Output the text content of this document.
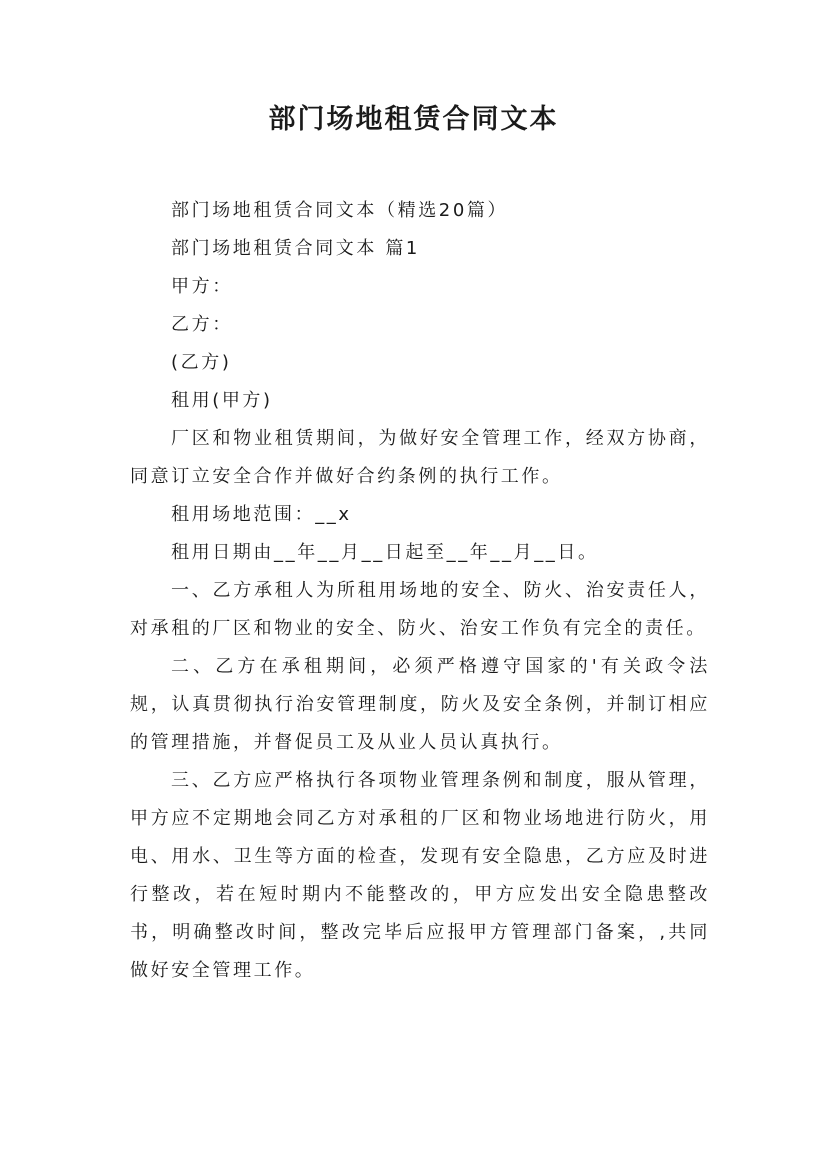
部门场地租赁合同文本

部门场地租赁合同文本（精选20篇）

部门场地租赁合同文本 篇1

甲方：

乙方：

(乙方)

租用(甲方)

厂区和物业租赁期间，为做好安全管理工作，经双方协商，同意订立安全合作并做好合约条例的执行工作。

租用场地范围：__x

租用日期由__年__月__日起至__年__月__日。

一、乙方承租人为所租用场地的安全、防火、治安责任人，对承租的厂区和物业的安全、防火、治安工作负有完全的责任。

二、乙方在承租期间，必须严格遵守国家的'有关政令法规，认真贯彻执行治安管理制度，防火及安全条例，并制订相应的管理措施，并督促员工及从业人员认真执行。

三、乙方应严格执行各项物业管理条例和制度，服从管理，甲方应不定期地会同乙方对承租的厂区和物业场地进行防火，用电、用水、卫生等方面的检查，发现有安全隐患，乙方应及时进行整改，若在短时期内不能整改的，甲方应发出安全隐患整改书，明确整改时间，整改完毕后应报甲方管理部门备案，,共同做好安全管理工作。
